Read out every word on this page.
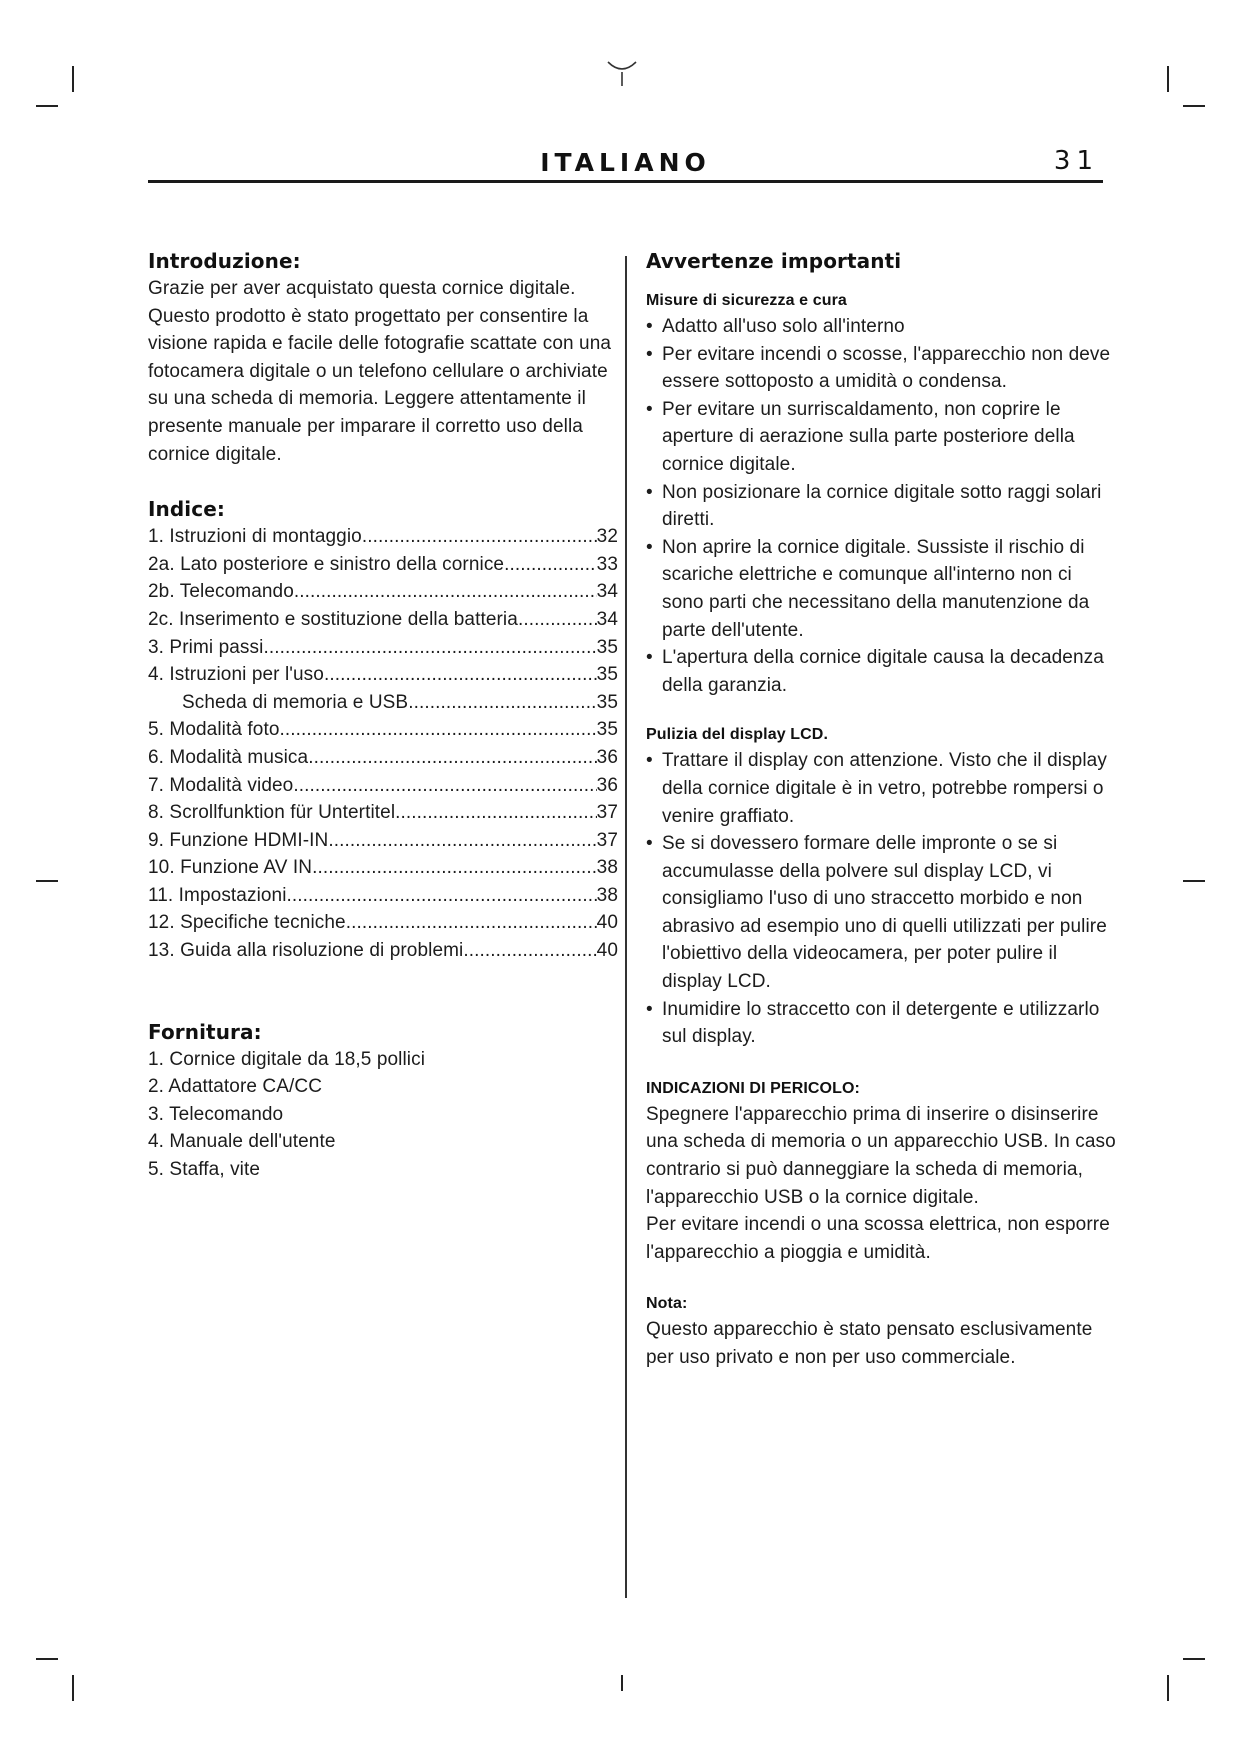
ITALIANO	31
Introduzione:

Grazie per aver acquistato questa cornice digitale. Questo prodotto è stato progettato per consentire la visione rapida e facile delle fotografie scattate con una fotocamera digitale o un telefono cellulare o archiviate su una scheda di memoria. Leggere attentamente il presente manuale per imparare il corretto uso della cornice digitale.

Indice:
1. Istruzioni di montaggio .....	32
2a. Lato posteriore e sinistro della cornice .....	33
2b. Telecomando .....	34
2c. Inserimento e sostituzione della batteria .....	34
3. Primi passi .....	35
4. Istruzioni per l'uso .....	35
Scheda di memoria e USB .....	35
5. Modalità foto .....	35
6. Modalità musica .....	36
7. Modalità video .....	36
8. Scrollfunktion für Untertitel .....	37
9. Funzione HDMI-IN .....	37
10. Funzione AV IN .....	38
11. Impostazioni .....	38
12. Specifiche tecniche .....	40
13. Guida alla risoluzione di problemi .....	40
Fornitura:

1. Cornice digitale da 18,5 pollici

2. Adattatore CA/CC

3. Telecomando

4. Manuale dell'utente

5. Staffa, vite

Avvertenze importanti
Misure di sicurezza e cura
• Adatto all'uso solo all'interno
• Per evitare incendi o scosse, l'apparecchio non deve essere sottoposto a umidità o condensa.
• Per evitare un surriscaldamento, non coprire le aperture di aerazione sulla parte posteriore della cornice digitale.
• Non posizionare la cornice digitale sotto raggi solari diretti.
• Non aprire la cornice digitale. Sussiste il rischio di scariche elettriche e comunque all'interno non ci sono parti che necessitano della manutenzione da parte dell'utente.
• L'apertura della cornice digitale causa la decadenza della garanzia.
Pulizia del display LCD.
• Trattare il display con attenzione. Visto che il display della cornice digitale è in vetro, potrebbe rompersi o venire graffiato.
• Se si dovessero formare delle impronte o se si accumulasse della polvere sul display LCD, vi consigliamo l'uso di uno straccetto morbido e non abrasivo ad esempio uno di quelli utilizzati per pulire l'obiettivo della videocamera, per poter pulire il display LCD.
• Inumidire lo straccetto con il detergente e utilizzarlo sul display.
INDICAZIONI DI PERICOLO:

Spegnere l'apparecchio prima di inserire o disinserire una scheda di memoria o un apparecchio USB. In caso contrario si può danneggiare la scheda di memoria, l'apparecchio USB o la cornice digitale.

Per evitare incendi o una scossa elettrica, non esporre l'apparecchio a pioggia e umidità.

Nota:

Questo apparecchio è stato pensato esclusivamente per uso privato e non per uso commerciale.
